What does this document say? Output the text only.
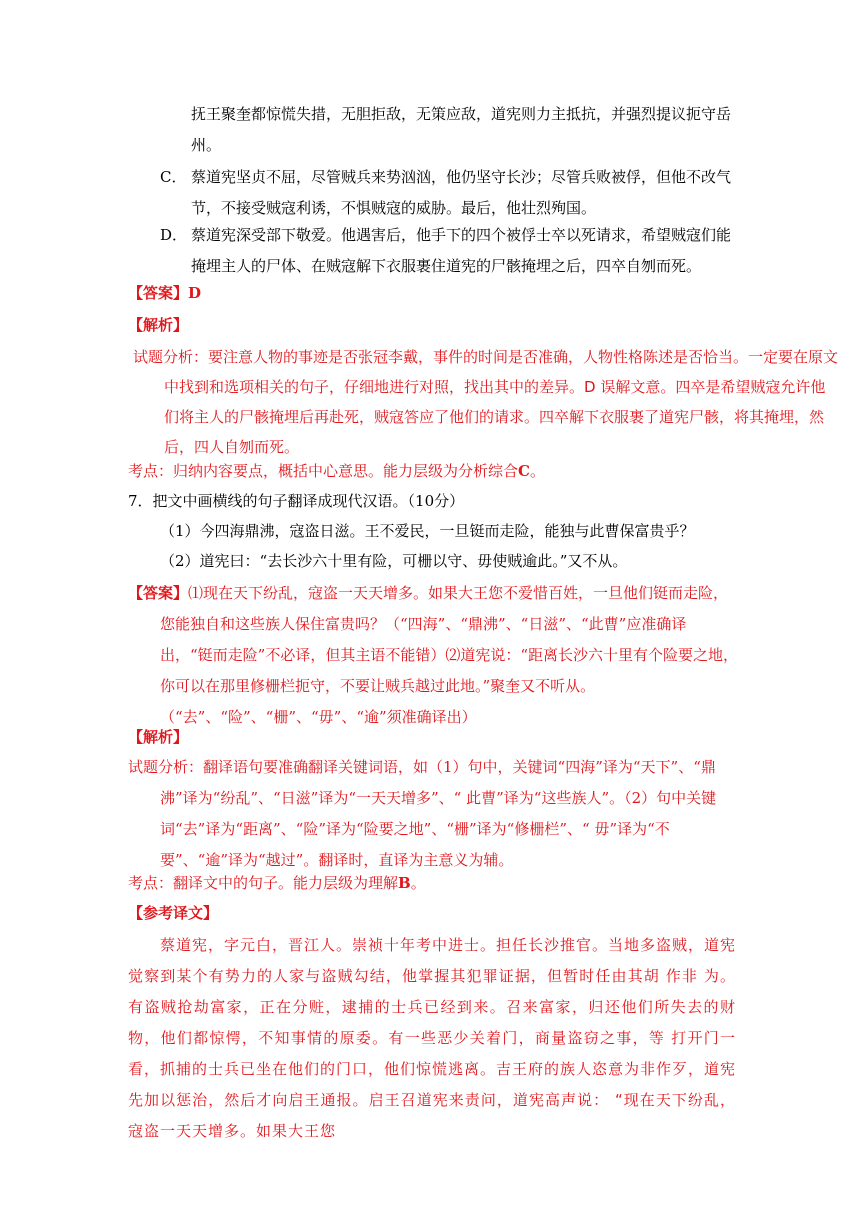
抚王聚奎都惊慌失措，无胆拒敌，无策应敌，道宪则力主抵抗，并强烈提议扼守岳州。

C． 蔡道宪坚贞不屈，尽管贼兵来势汹汹，他仍坚守长沙；尽管兵败被俘，但他不改气节，不接受贼寇利诱，不惧贼寇的威胁。最后，他壮烈殉国。

D． 蔡道宪深受部下敬爱。他遇害后，他手下的四个被俘士卒以死请求，希望贼寇们能掩埋主人的尸体、在贼寇解下衣服裹住道宪的尸骸掩埋之后，四卒自刎而死。

【答案】D

【解析】

试题分析：要注意人物的事迹是否张冠李戴，事件的时间是否准确，人物性格陈述是否恰当。一定要在原文中找到和选项相关的句子，仔细地进行对照，找出其中的差异。D 误解文意。四卒是希望贼寇允许他们将主人的尸骸掩埋后再赴死，贼寇答应了他们的请求。四卒解下衣服裹了道宪尸骸，将其掩埋，然后，四人自刎而死。

考点：归纳内容要点，概括中心意思。能力层级为分析综合C。

7．把文中画横线的句子翻译成现代汉语。（10分）

（1）今四海鼎沸，寇盗日滋。王不爱民，一旦铤而走险，能独与此曹保富贵乎？

（2）道宪曰：“去长沙六十里有险，可栅以守、毋使贼逾此。”又不从。

【答案】⑴现在天下纷乱，寇盗一天天增多。如果大王您不爱惜百姓，一旦他们铤而走险，您能独自和这些族人保住富贵吗？（“四海”、“鼎沸”、“日滋”、“此曹”应准确译出，“铤而走险”不必译，但其主语不能错）⑵道宪说：“距离长沙六十里有个险要之地，你可以在那里修栅栏扼守，不要让贼兵越过此地。”聚奎又不听从。（“去”、“险”、“栅”、“毋”、“逾”须准确译出）

【解析】

试题分析：翻译语句要准确翻译关键词语，如（1）句中，关键词“四海”译为“天下”、“鼎沸”译为“纷乱”、“日滋”译为“一天天增多”、“ 此曹”译为“这些族人”。（2）句中关键词“去”译为“距离”、“险”译为“险要之地”、“栅”译为“修栅栏”、“ 毋”译为“不要”、“逾”译为“越过”。翻译时，直译为主意义为辅。

考点：翻译文中的句子。能力层级为理解B。

【参考译文】

蔡道宪，字元白，晋江人。崇祯十年考中进士。担任长沙推官。当地多盗贼，道宪觉察到某个有势力的人家与盗贼勾结，他掌握其犯罪证据，但暂时任由其胡 作非 为。有盗贼抢劫富家，正在分赃，逮捕的士兵已经到来。召来富家，归还他们所失去的财物，他们都惊愕，不知事情的原委。有一些恶少关着门，商量盗窃之事，等 打开门一看，抓捕的士兵已坐在他们的门口，他们惊慌逃离。吉王府的族人恣意为非作歹，道宪先加以惩治，然后才向启王通报。启王召道宪来责问，道宪高声说： “现在天下纷乱，寇盗一天天增多。如果大王您
